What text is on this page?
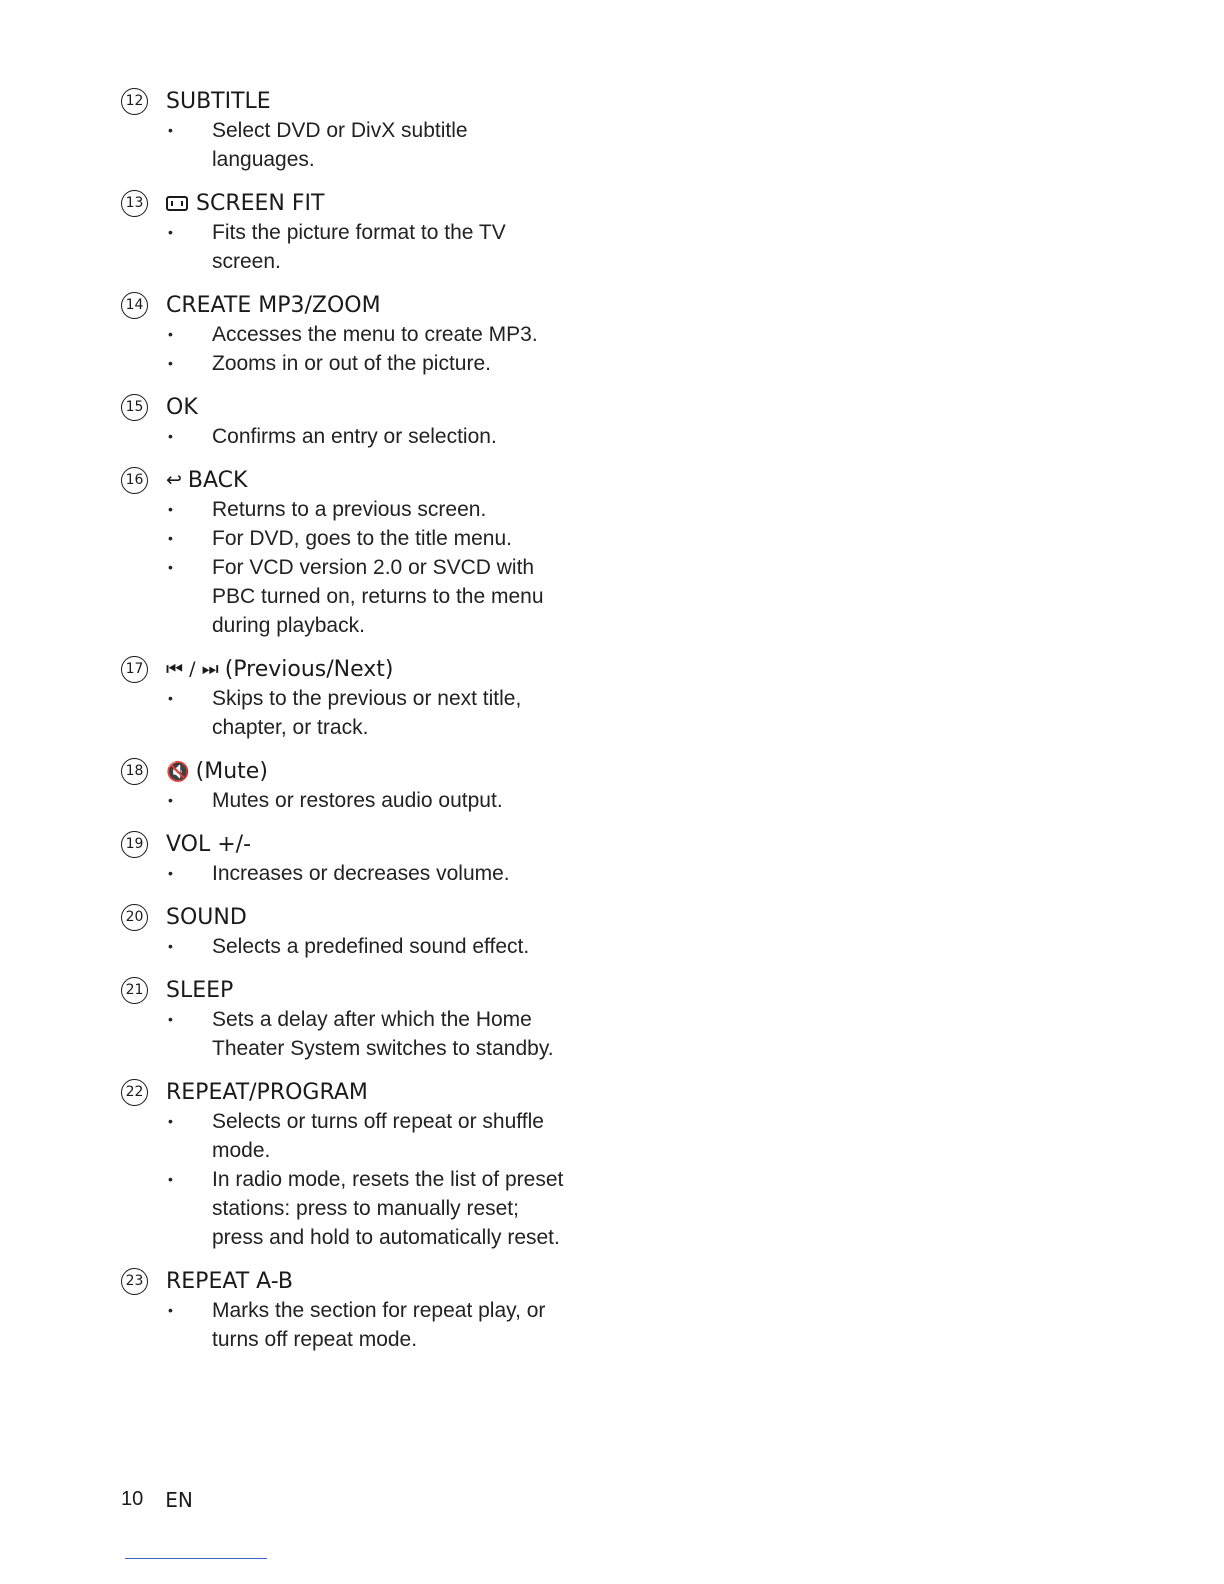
12 SUBTITLE
• Select DVD or DivX subtitle languages.
13 SCREEN FIT
• Fits the picture format to the TV screen.
14 CREATE MP3/ZOOM
• Accesses the menu to create MP3.
• Zooms in or out of the picture.
15 OK
• Confirms an entry or selection.
16 ↩ BACK
• Returns to a previous screen.
• For DVD, goes to the title menu.
• For VCD version 2.0 or SVCD with PBC turned on, returns to the menu during playback.
17 ⏮ / ⏭ (Previous/Next)
• Skips to the previous or next title, chapter, or track.
18 🔇 (Mute)
• Mutes or restores audio output.
19 VOL +/-
• Increases or decreases volume.
20 SOUND
• Selects a predefined sound effect.
21 SLEEP
• Sets a delay after which the Home Theater System switches to standby.
22 REPEAT/PROGRAM
• Selects or turns off repeat or shuffle mode.
• In radio mode, resets the list of preset stations: press to manually reset; press and hold to automatically reset.
23 REPEAT A-B
• Marks the section for repeat play, or turns off repeat mode.
10 EN
